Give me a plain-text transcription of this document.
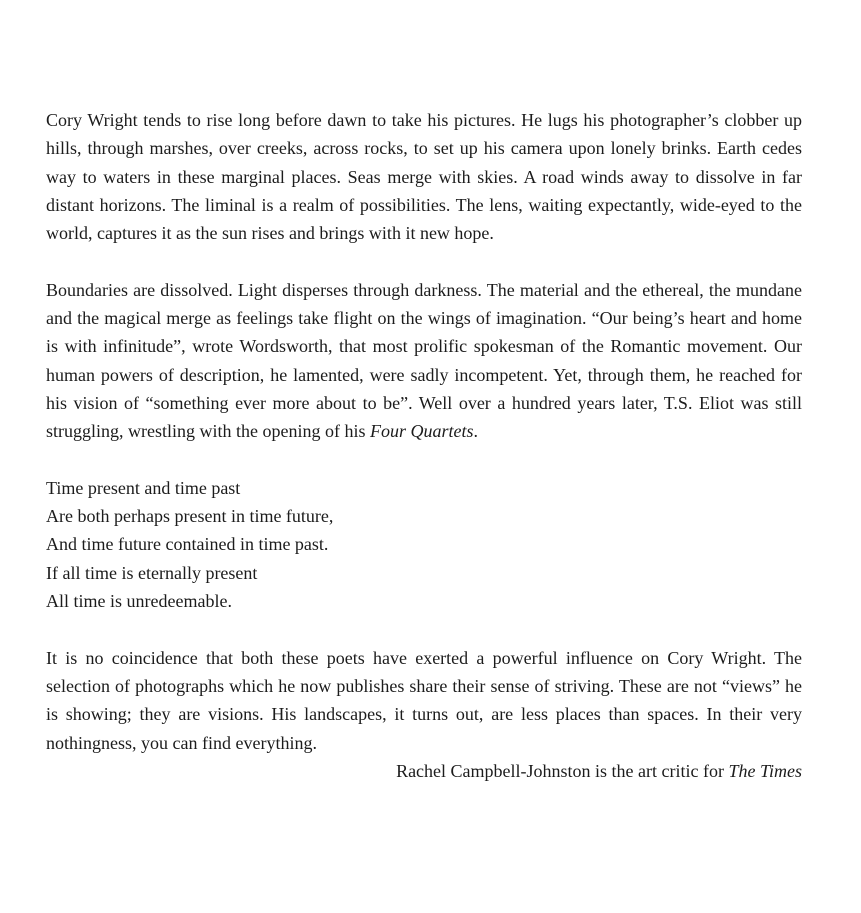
Cory Wright tends to rise long before dawn to take his pictures. He lugs his photographer’s clobber up hills, through marshes, over creeks, across rocks, to set up his camera upon lonely brinks. Earth cedes way to waters in these marginal places. Seas merge with skies. A road winds away to dissolve in far distant horizons. The liminal is a realm of possibilities. The lens, waiting expectantly, wide-eyed to the world, captures it as the sun rises and brings with it new hope.

Boundaries are dissolved. Light disperses through darkness. The material and the ethereal, the mundane and the magical merge as feelings take flight on the wings of imagination. “Our being’s heart and home is with infinitude”, wrote Wordsworth, that most prolific spokesman of the Romantic movement. Our human powers of description, he lamented, were sadly incompetent. Yet, through them, he reached for his vision of “something ever more about to be”. Well over a hundred years later, T.S. Eliot was still struggling, wrestling with the opening of his Four Quartets.

Time present and time past
Are both perhaps present in time future,
And time future contained in time past.
If all time is eternally present
All time is unredeemable.

It is no coincidence that both these poets have exerted a powerful influence on Cory Wright. The selection of photographs which he now publishes share their sense of striving. These are not “views” he is showing; they are visions. His landscapes, it turns out, are less places than spaces. In their very nothingness, you can find everything.

Rachel Campbell-Johnston is the art critic for The Times
